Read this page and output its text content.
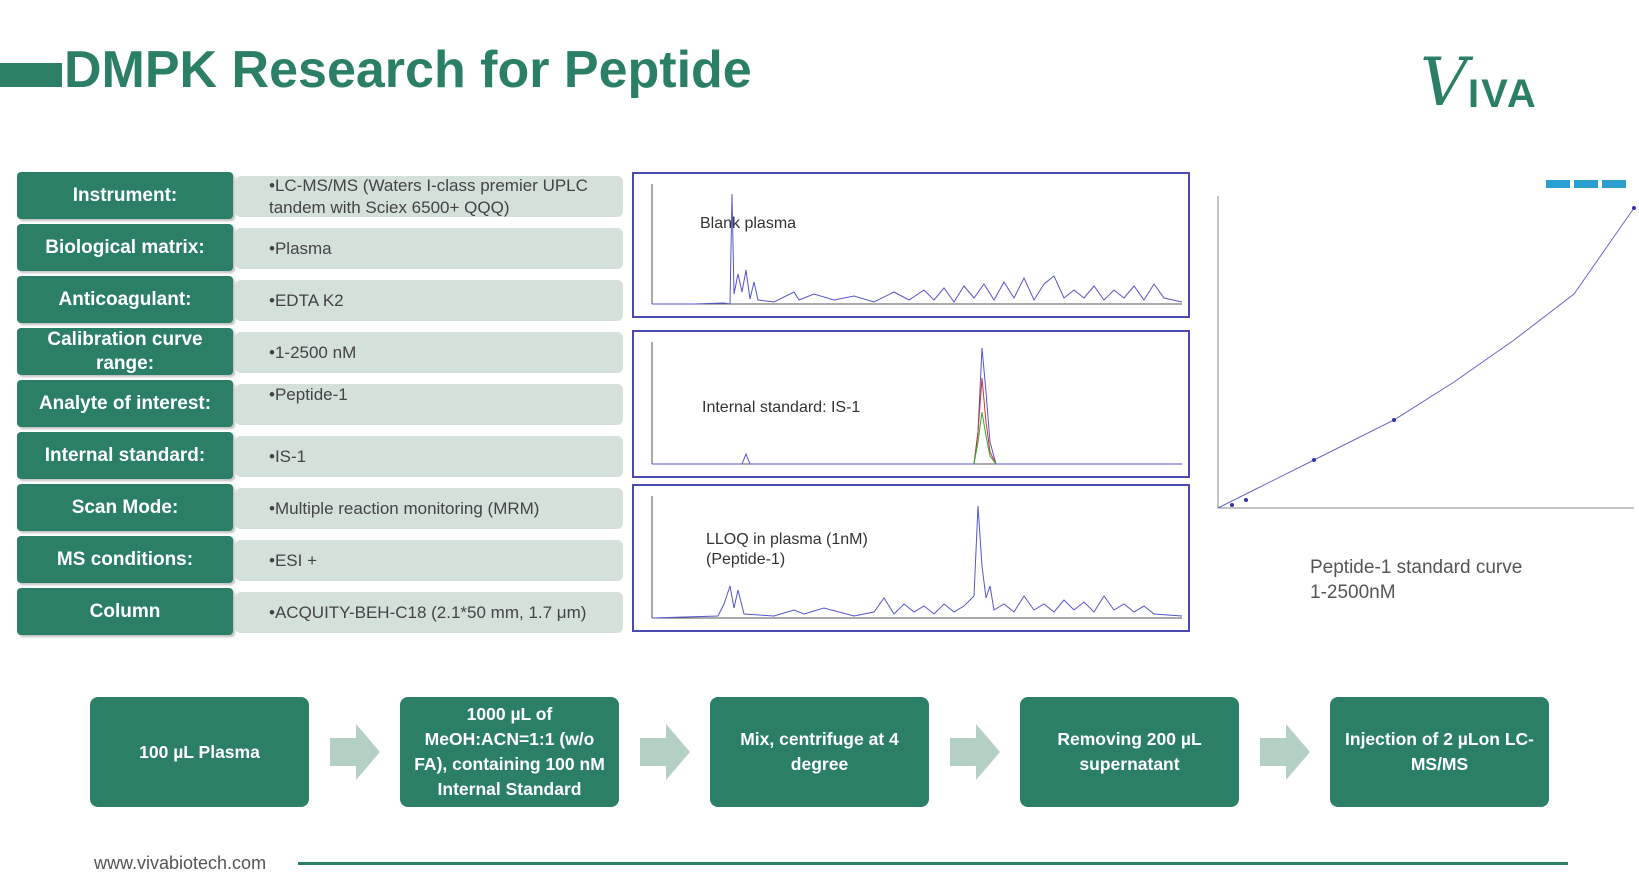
DMPK Research for Peptide	V IVA
Instrument:	•LC-MS/MS (Waters I-class premier UPLC tandem with Sciex 6500+ QQQ)
Biological matrix:	•Plasma
Anticoagulant:	•EDTA K2
Calibration curve range:
•1-2500 nM
Analyte of interest:	•Peptide-1
Internal standard:	•IS-1
Scan Mode:	•Multiple reaction monitoring (MRM)
MS conditions:	•ESI +
Column	•ACQUITY-BEH-C18 (2.1*50 mm, 1.7 μm)
Blank plasma
Internal standard: IS-1
LLOQ in plasma (1nM)
(Peptide-1)	Peptide-1 standard curve
1-2500nM
100 µL Plasma
1000 µL of MeOH:ACN=1:1 (w/o FA), containing 100 nM Internal Standard
Mix, centrifuge at 4 degree
Removing 200 µL supernatant
Injection of 2 µLon LC-MS/MS
www.vivabiotech.com
